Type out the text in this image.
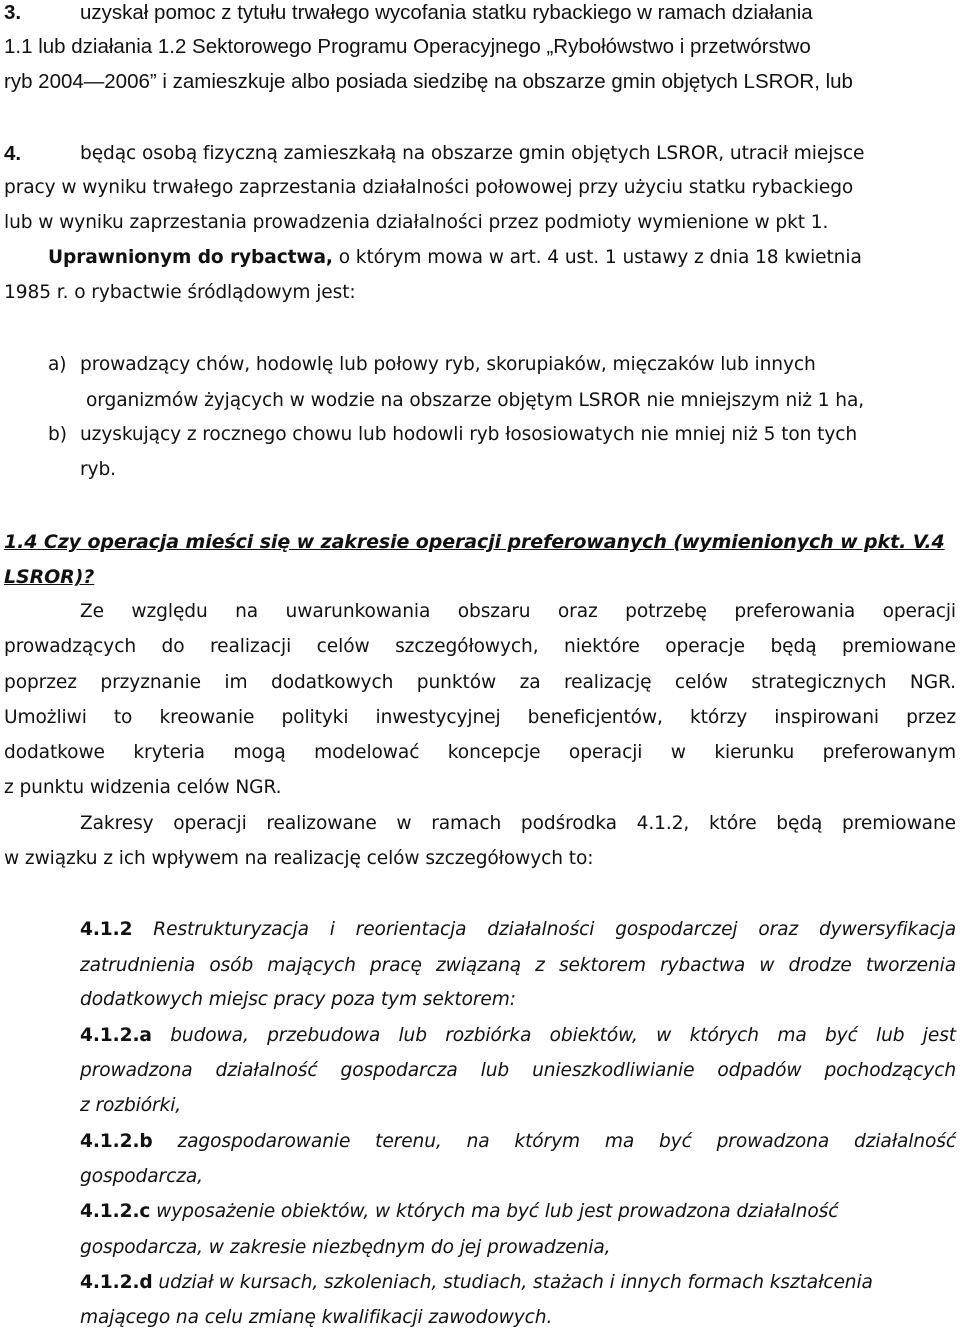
3.	uzyskał pomoc z tytułu trwałego wycofania statku rybackiego w ramach działania
1.1 lub działania 1.2 Sektorowego Programu Operacyjnego „Rybołówstwo i przetwórstwo
ryb 2004—2006” i zamieszkuje albo posiada siedzibę na obszarze gmin objętych LSROR, lub
4.	będąc osobą fizyczną zamieszkałą na obszarze gmin objętych LSROR, utracił miejsce
pracy w wyniku trwałego zaprzestania działalności połowowej przy użyciu statku rybackiego
lub w wyniku zaprzestania prowadzenia działalności przez podmioty wymienione w pkt 1.
Uprawnionym do rybactwa, o którym mowa w art. 4 ust. 1 ustawy z dnia 18 kwietnia
1985 r. o rybactwie śródlądowym jest:
a) prowadzący chów, hodowlę lub połowy ryb, skorupiaków, mięczaków lub innych
organizmów żyjących w wodzie na obszarze objętym LSROR nie mniejszym niż 1 ha,
b) uzyskujący z rocznego chowu lub hodowli ryb łososiowatych nie mniej niż 5 ton tych
ryb.
1.4 Czy operacja mieści się w zakresie operacji preferowanych (wymienionych w pkt. V.4
LSROR)?
Ze względu na uwarunkowania obszaru oraz potrzebę preferowania operacji
prowadzących do realizacji celów szczegółowych, niektóre operacje będą premiowane
poprzez przyznanie im dodatkowych punktów za realizację celów strategicznych NGR.
Umożliwi to kreowanie polityki inwestycyjnej beneficjentów, którzy inspirowani przez
dodatkowe kryteria mogą modelować koncepcje operacji w kierunku preferowanym
z punktu widzenia celów NGR.
Zakresy operacji realizowane w ramach podśrodka 4.1.2, które będą premiowane
w związku z ich wpływem na realizację celów szczegółowych to:
4.1.2 Restrukturyzacja i reorientacja działalności gospodarczej oraz dywersyfikacja
zatrudnienia osób mających pracę związaną z sektorem rybactwa w drodze tworzenia
dodatkowych miejsc pracy poza tym sektorem:
4.1.2.a budowa, przebudowa lub rozbiórka obiektów, w których ma być lub jest
prowadzona działalność gospodarcza lub unieszkodliwianie odpadów pochodzących
z rozbiórki,
4.1.2.b zagospodarowanie terenu, na którym ma być prowadzona działalność
gospodarcza,
4.1.2.c wyposażenie obiektów, w których ma być lub jest prowadzona działalność
gospodarcza, w zakresie niezbędnym do jej prowadzenia,
4.1.2.d udział w kursach, szkoleniach, studiach, stażach i innych formach kształcenia
mającego na celu zmianę kwalifikacji zawodowych.
